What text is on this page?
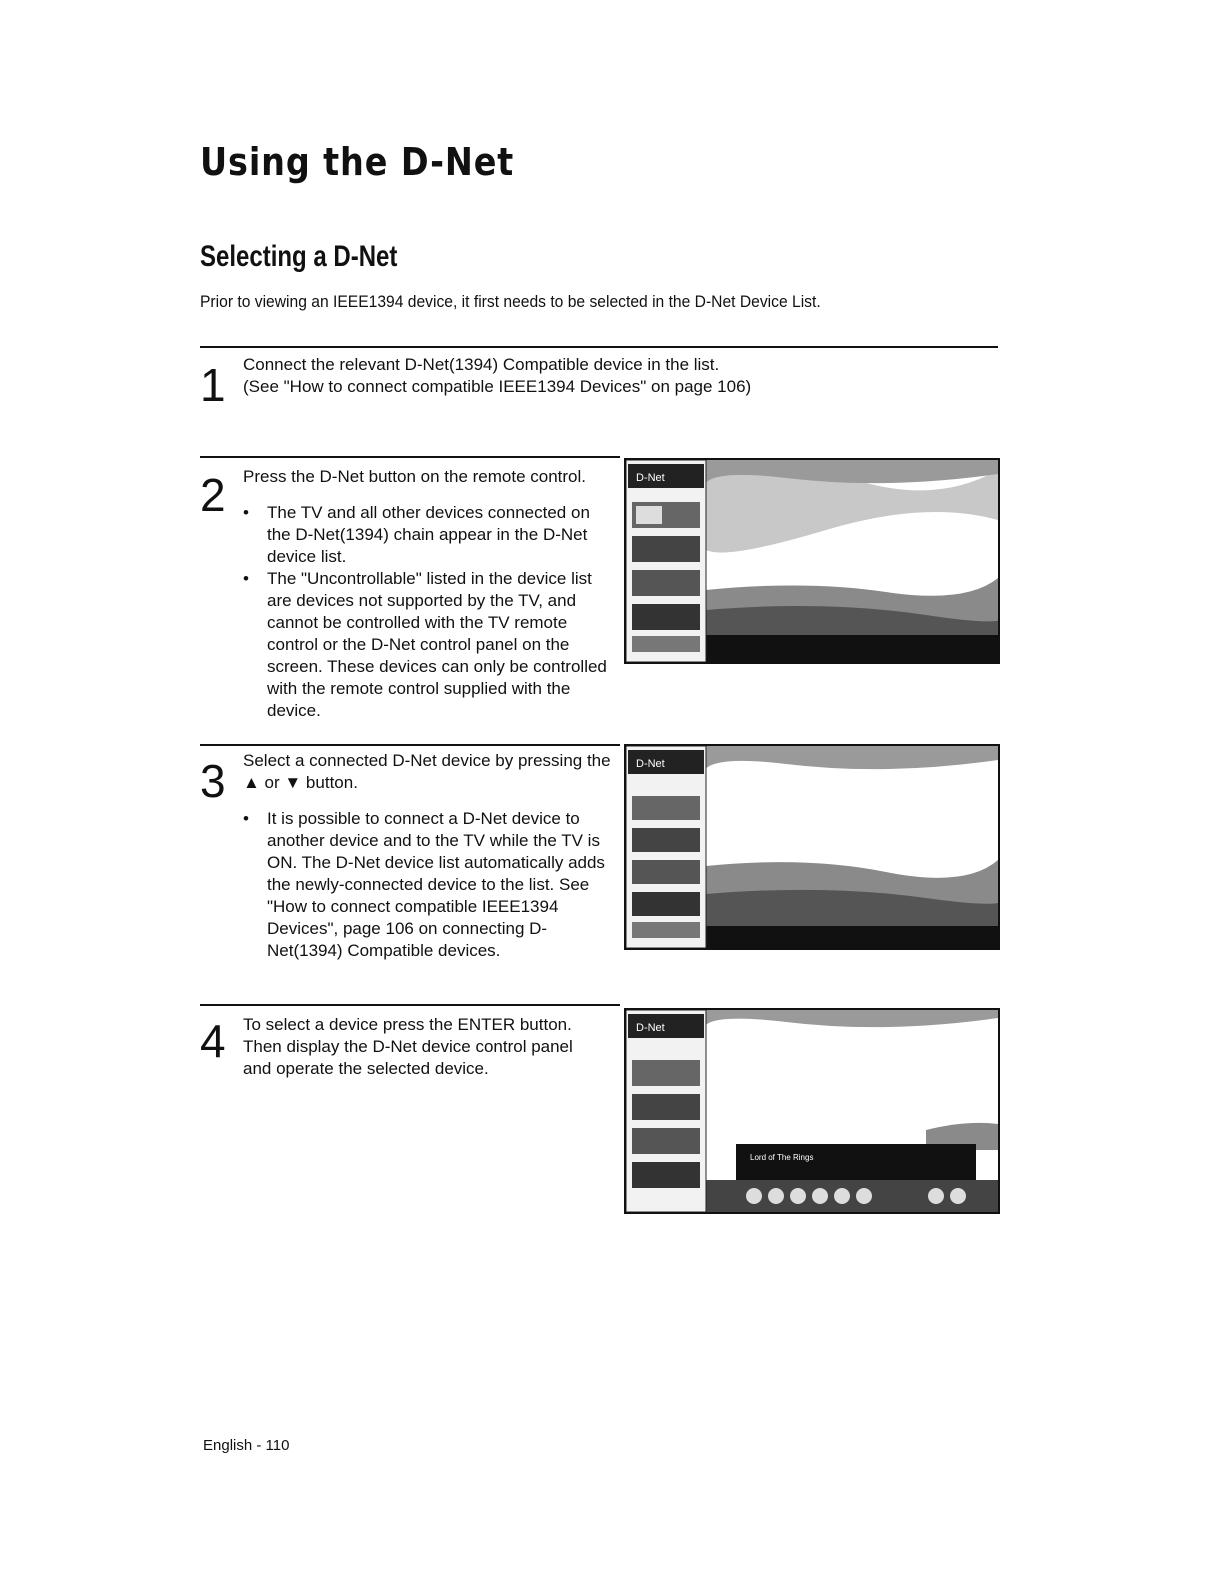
Using the D-Net
Selecting a D-Net
Prior to viewing an IEEE1394 device, it first needs to be selected in the D-Net Device List.
1 Connect the relevant D-Net(1394) Compatible device in the list.

(See "How to connect compatible IEEE1394 Devices" on page 106)

2 Press the D-Net button on the remote control.

• The TV and all other devices connected on the D-Net(1394) chain appear in the D-Net device list.
• The "Uncontrollable" listed in the device list are devices not supported by the TV, and cannot be controlled with the TV remote control or the D-Net control panel on the screen. These devices can only be controlled with the remote control supplied with the device.
D-Net
3 Select a connected D-Net device by pressing the ▲ or ▼ button.

• It is possible to connect a D-Net device to another device and to the TV while the TV is ON. The D-Net device list automatically adds the newly-connected device to the list. See "How to connect compatible IEEE1394 Devices", page 106 on connecting D-Net(1394) Compatible devices.
D-Net
4 To select a device press the ENTER button. Then display the D-Net device control panel and operate the selected device.

Lord of The Rings
D-Net
English - 110
